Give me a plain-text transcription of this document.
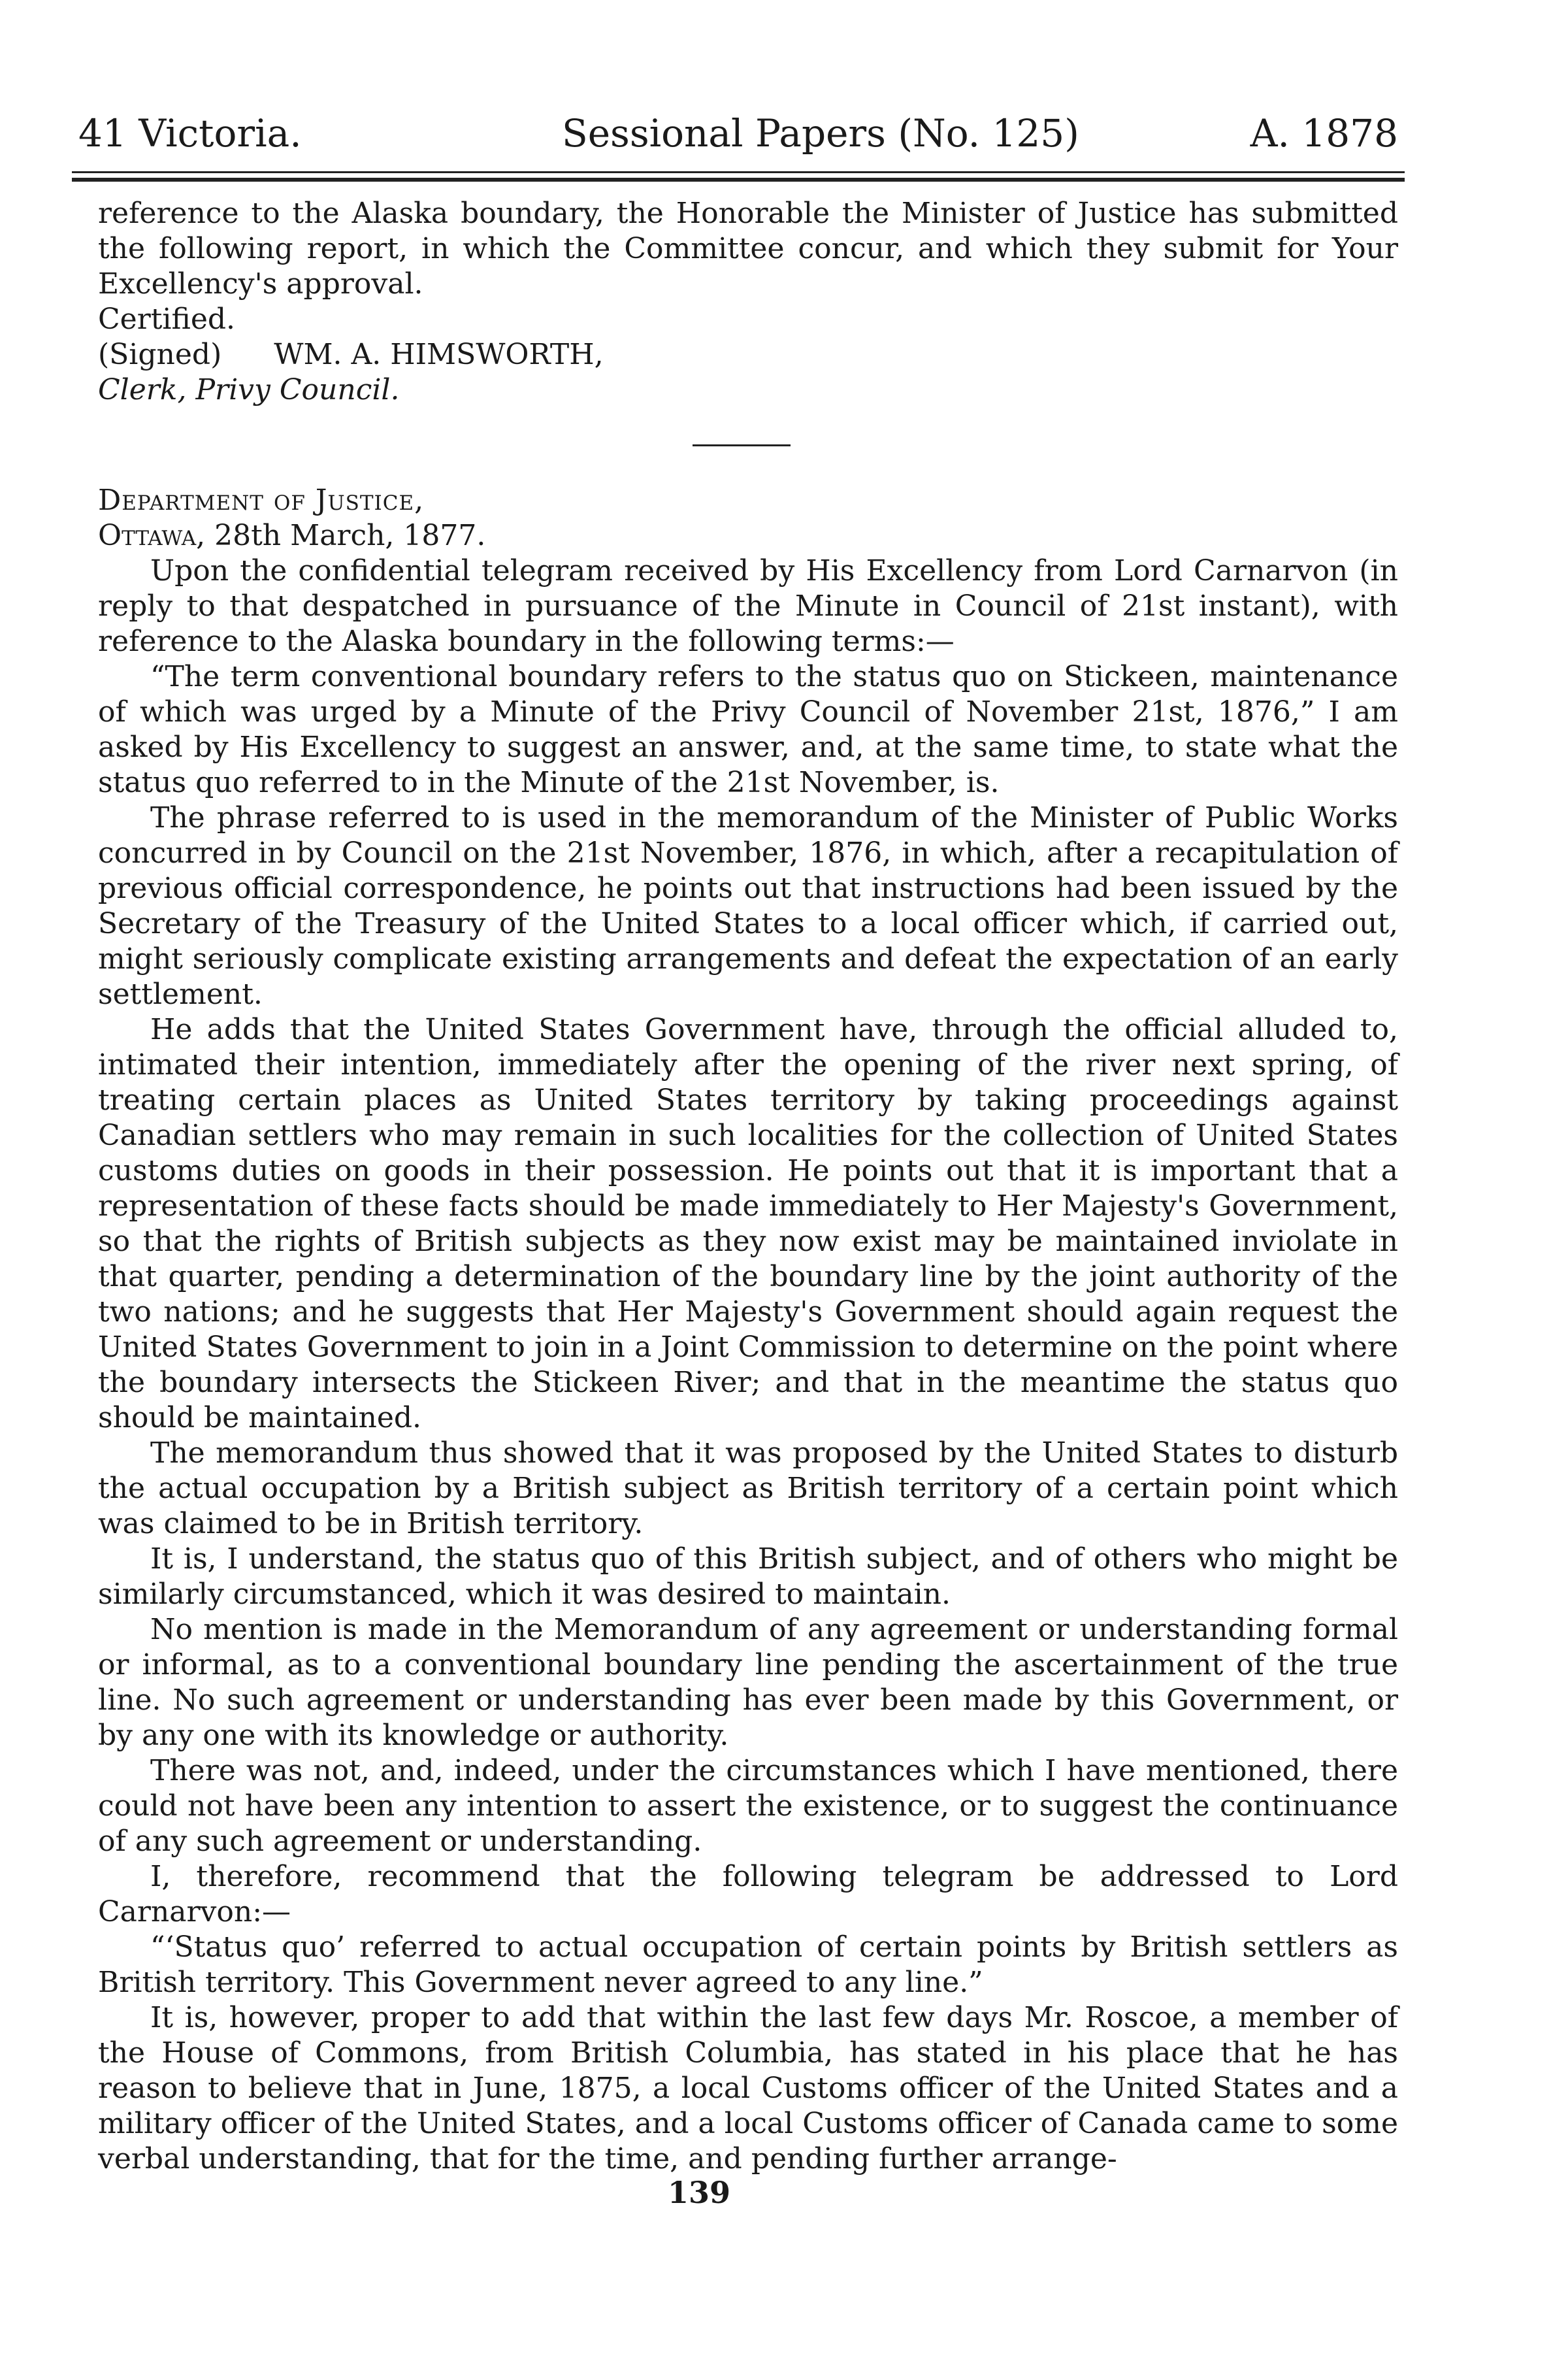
41 Victoria.	Sessional Papers (No. 125)	A. 1878

reference to the Alaska boundary, the Honorable the Minister of Justice has submitted the following report, in which the Committee concur, and which they submit for Your Excellency's approval.

Certified.

(Signed) WM. A. HIMSWORTH,

Clerk, Privy Council.

Department of Justice,

Ottawa, 28th March, 1877.

Upon the confidential telegram received by His Excellency from Lord Carnarvon (in reply to that despatched in pursuance of the Minute in Council of 21st instant), with reference to the Alaska boundary in the following terms:—

“The term conventional boundary refers to the status quo on Stickeen, maintenance of which was urged by a Minute of the Privy Council of November 21st, 1876,” I am asked by His Excellency to suggest an answer, and, at the same time, to state what the status quo referred to in the Minute of the 21st November, is.

The phrase referred to is used in the memorandum of the Minister of Public Works concurred in by Council on the 21st November, 1876, in which, after a recapitulation of previous official correspondence, he points out that instructions had been issued by the Secretary of the Treasury of the United States to a local officer which, if carried out, might seriously complicate existing arrangements and defeat the expectation of an early settlement.

He adds that the United States Government have, through the official alluded to, intimated their intention, immediately after the opening of the river next spring, of treating certain places as United States territory by taking proceedings against Canadian settlers who may remain in such localities for the collection of United States customs duties on goods in their possession. He points out that it is important that a representation of these facts should be made immediately to Her Majesty's Government, so that the rights of British subjects as they now exist may be maintained inviolate in that quarter, pending a determination of the boundary line by the joint authority of the two nations; and he suggests that Her Majesty's Government should again request the United States Government to join in a Joint Commission to determine on the point where the boundary intersects the Stickeen River; and that in the meantime the status quo should be maintained.

The memorandum thus showed that it was proposed by the United States to disturb the actual occupation by a British subject as British territory of a certain point which was claimed to be in British territory.

It is, I understand, the status quo of this British subject, and of others who might be similarly circumstanced, which it was desired to maintain.

No mention is made in the Memorandum of any agreement or understanding formal or informal, as to a conventional boundary line pending the ascertainment of the true line. No such agreement or understanding has ever been made by this Government, or by any one with its knowledge or authority.

There was not, and, indeed, under the circumstances which I have mentioned, there could not have been any intention to assert the existence, or to suggest the continuance of any such agreement or understanding.

I, therefore, recommend that the following telegram be addressed to Lord Carnarvon:—

“‘Status quo’ referred to actual occupation of certain points by British settlers as British territory. This Government never agreed to any line.”

It is, however, proper to add that within the last few days Mr. Roscoe, a member of the House of Commons, from British Columbia, has stated in his place that he has reason to believe that in June, 1875, a local Customs officer of the United States and a military officer of the United States, and a local Customs officer of Canada came to some verbal understanding, that for the time, and pending further arrange-

139
